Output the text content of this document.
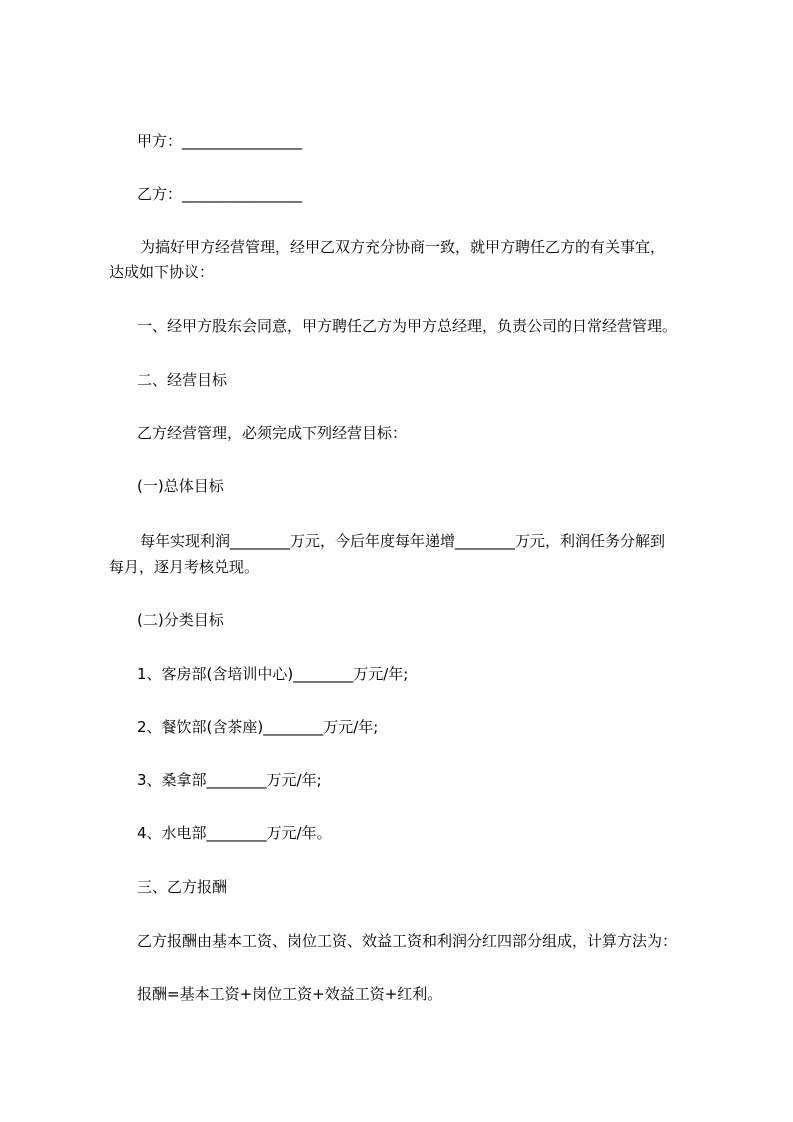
甲方：________________

乙方：________________

为搞好甲方经营管理，经甲乙双方充分协商一致，就甲方聘任乙方的有关事宜，

达成如下协议：

一、经甲方股东会同意，甲方聘任乙方为甲方总经理，负责公司的日常经营管理。

二、经营目标

乙方经营管理，必须完成下列经营目标：

(一)总体目标

每年实现利润________万元，今后年度每年递增________万元，利润任务分解到

每月，逐月考核兑现。

(二)分类目标

1、客房部(含培训中心)________万元/年;

2、餐饮部(含茶座)________万元/年;

3、桑拿部________万元/年;

4、水电部________万元/年。

三、乙方报酬

乙方报酬由基本工资、岗位工资、效益工资和利润分红四部分组成，计算方法为：

报酬=基本工资+岗位工资+效益工资+红利。
